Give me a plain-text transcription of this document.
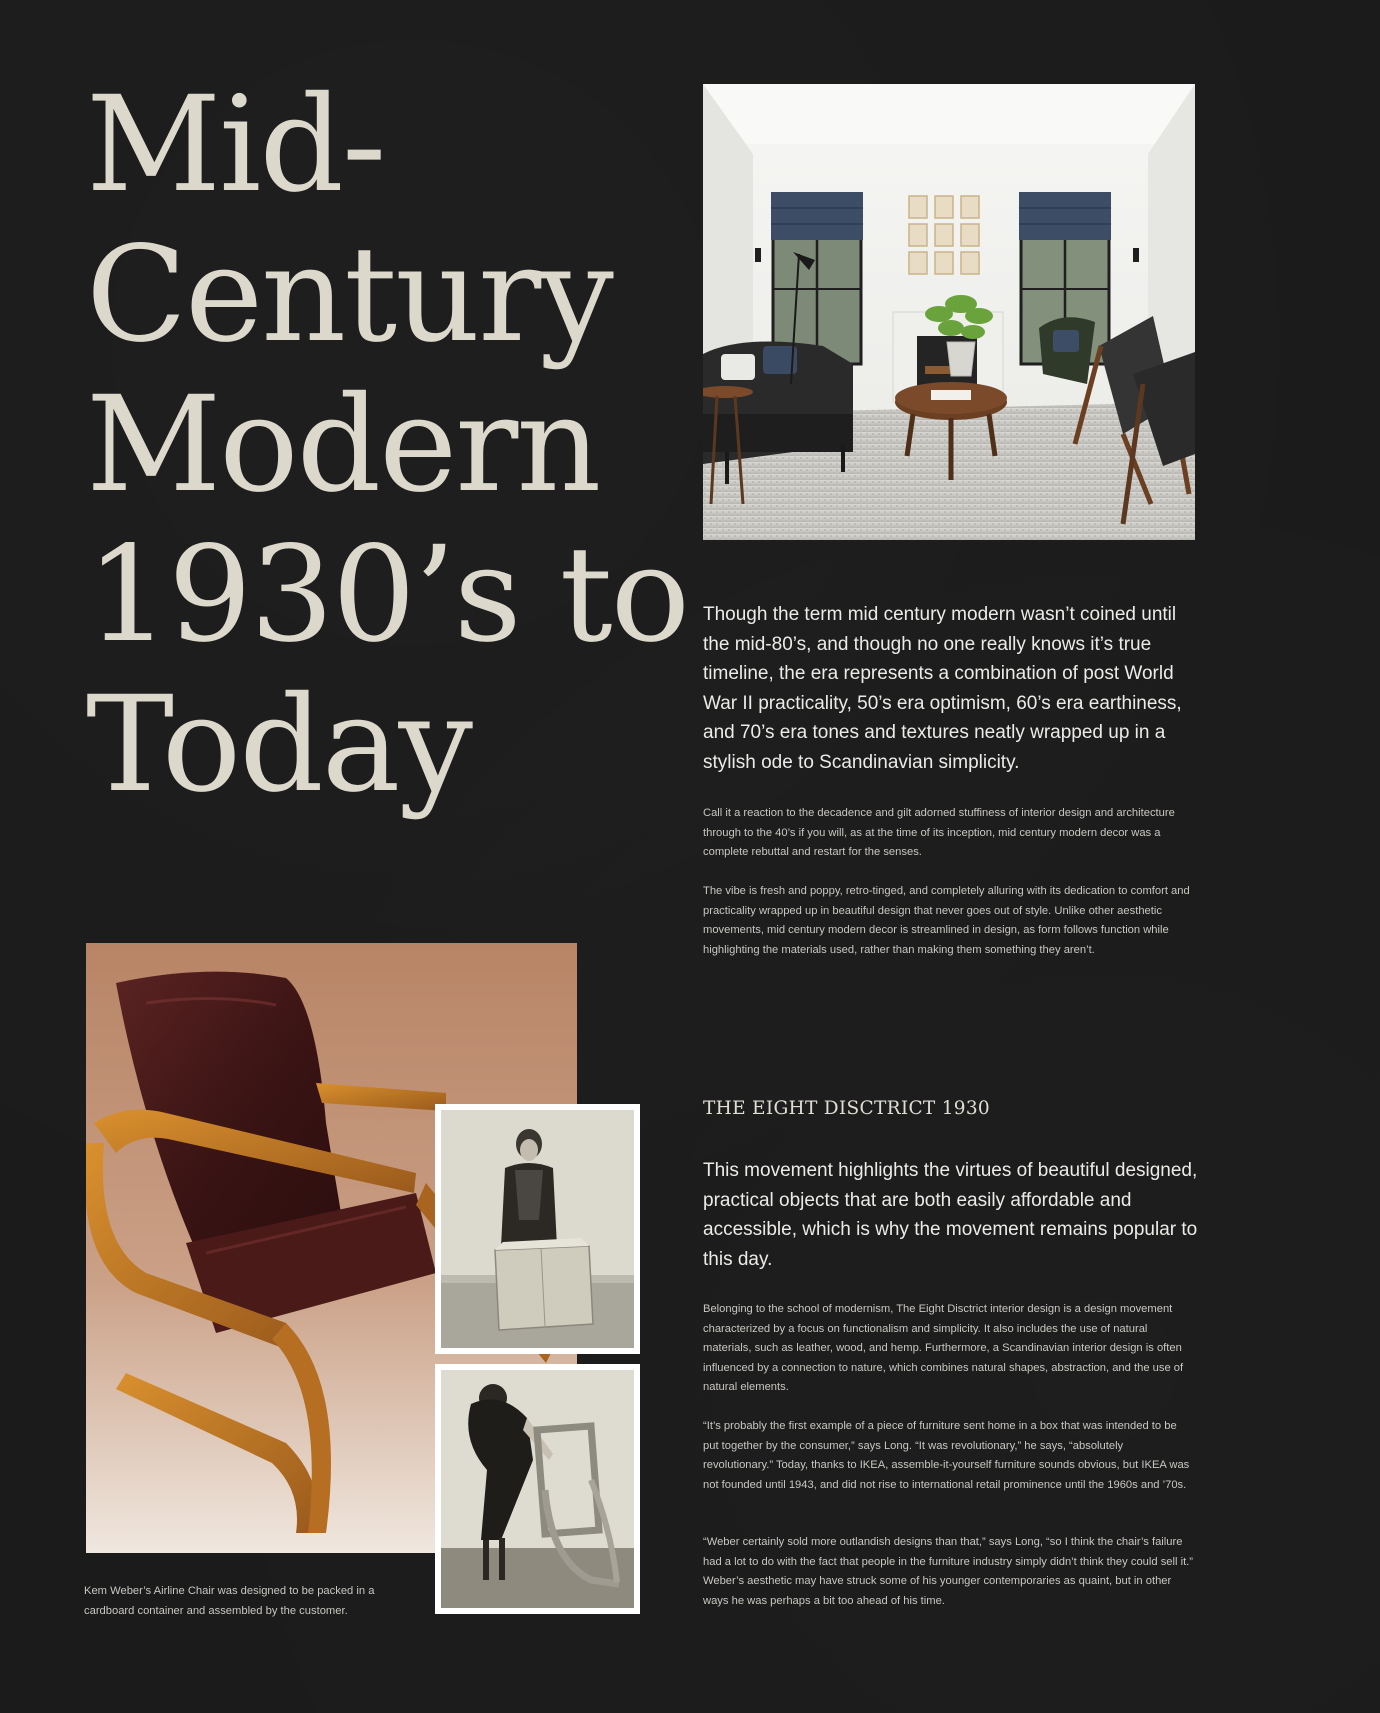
Mid-
Century
Modern
1930’s to
Today

Though the term mid century modern wasn’t coined until the mid-80’s, and though no one really knows it’s true timeline, the era represents a combination of post World War II practicality, 50’s era optimism, 60’s era earthiness, and 70’s era tones and textures neatly wrapped up in a stylish ode to Scandinavian simplicity.

Call it a reaction to the decadence and gilt adorned stuffiness of interior design and architecture through to the 40’s if you will, as at the time of its inception, mid century modern decor was a complete rebuttal and restart for the senses.

The vibe is fresh and poppy, retro-tinged, and completely alluring with its dedication to comfort and practicality wrapped up in beautiful design that never goes out of style. Unlike other aesthetic movements, mid century modern decor is streamlined in design, as form follows function while highlighting the materials used, rather than making them something they aren’t.

Kem Weber’s Airline Chair was designed to be packed in a cardboard container and assembled by the customer.

THE EIGHT DISCTRICT 1930

This movement highlights the virtues of beautiful designed, practical objects that are both easily affordable and accessible, which is why the movement remains popular to this day.

Belonging to the school of modernism, The Eight Disctrict interior design is a design movement characterized by a focus on functionalism and simplicity. It also includes the use of natural materials, such as leather, wood, and hemp. Furthermore, a Scandinavian interior design is often influenced by a connection to nature, which combines natural shapes, abstraction, and the use of natural elements.

“It’s probably the first example of a piece of furniture sent home in a box that was intended to be put together by the consumer,” says Long. “It was revolutionary,” he says, “absolutely revolutionary.” Today, thanks to IKEA, assemble-it-yourself furniture sounds obvious, but IKEA was not founded until 1943, and did not rise to international retail prominence until the 1960s and ’70s.

“Weber certainly sold more outlandish designs than that,” says Long, “so I think the chair’s failure had a lot to do with the fact that people in the furniture industry simply didn’t think they could sell it.” Weber’s aesthetic may have struck some of his younger contemporaries as quaint, but in other ways he was perhaps a bit too ahead of his time.
